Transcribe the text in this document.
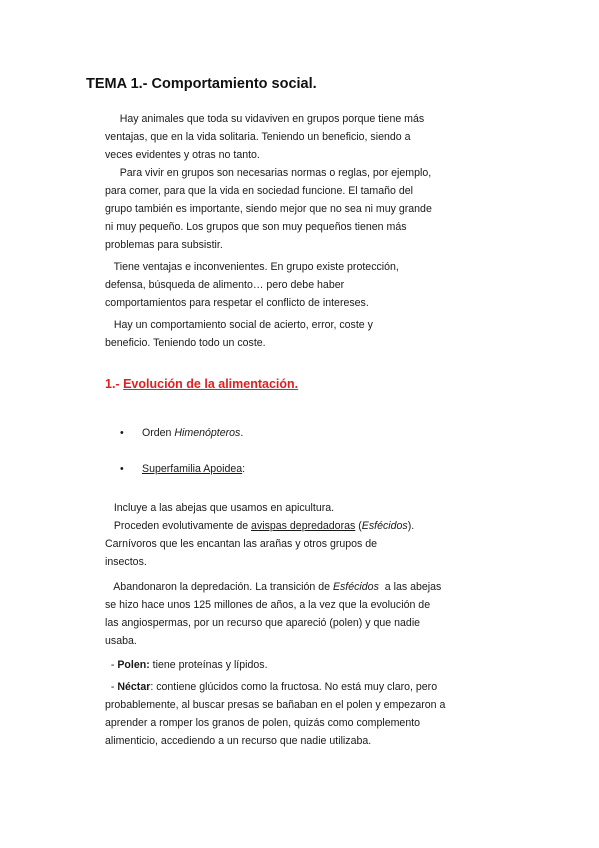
TEMA 1.- Comportamiento social.
Hay animales que toda su vidaviven en grupos porque tiene más
ventajas, que en la vida solitaria. Teniendo un beneficio, siendo a
veces evidentes y otras no tanto.
Para vivir en grupos son necesarias normas o reglas, por ejemplo,
para comer, para que la vida en sociedad funcione. El tamaño del
grupo también es importante, siendo mejor que no sea ni muy grande
ni muy pequeño. Los grupos que son muy pequeños tienen más
problemas para subsistir.
Tiene ventajas e inconvenientes. En grupo existe protección,
defensa, búsqueda de alimento… pero debe haber
comportamientos para respetar el conflicto de intereses.
Hay un comportamiento social de acierto, error, coste y
beneficio. Teniendo todo un coste.
1.- Evolución de la alimentación.
• Orden Himenópteros.
• Superfamilia Apoidea:
Incluye a las abejas que usamos en apicultura.
Proceden evolutivamente de avispas depredadoras (Esfécidos).
Carnívoros que les encantan las arañas y otros grupos de
insectos.
Abandonaron la depredación. La transición de Esfécidos  a las abejas
se hizo hace unos 125 millones de años, a la vez que la evolución de
las angiospermas, por un recurso que apareció (polen) y que nadie
usaba.
- Polen: tiene proteínas y lípidos.
- Néctar: contiene glúcidos como la fructosa. No está muy claro, pero
probablemente, al buscar presas se bañaban en el polen y empezaron a
aprender a romper los granos de polen, quizás como complemento
alimenticio, accediendo a un recurso que nadie utilizaba.
